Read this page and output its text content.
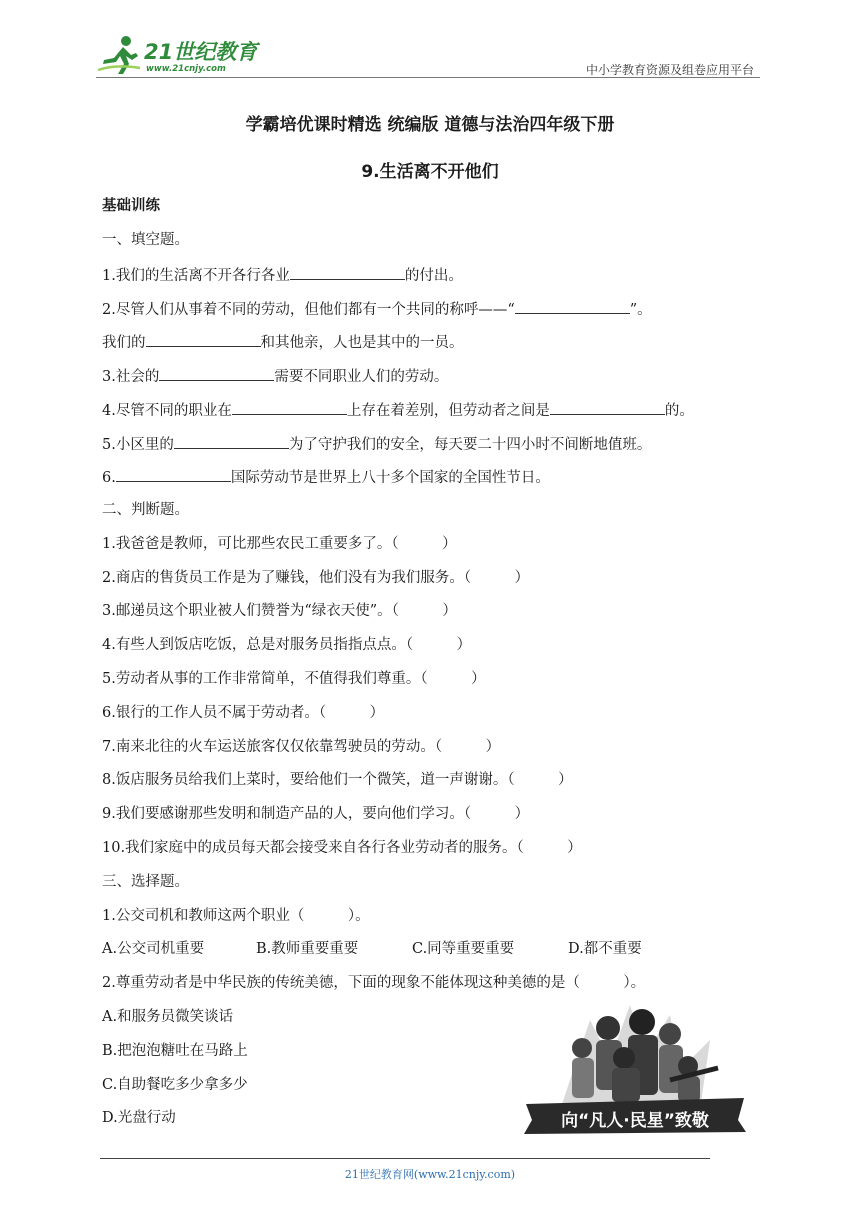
21世纪教育
www.21cnjy.com	中小学教育资源及组卷应用平台
学霸培优课时精选 统编版 道德与法治四年级下册
9.生活离不开他们
基础训练
一、填空题。
1.我们的生活离不开各行各业	的付出。
2.尽管人们从事着不同的劳动，但他们都有一个共同的称呼——“	”。
我们的	和其他亲，人也是其中的一员。
3.社会的	需要不同职业人们的劳动。
4.尽管不同的职业在	上存在着差别，但劳动者之间是	的。
5.小区里的	为了守护我们的安全，每天要二十四小时不间断地值班。
6.	国际劳动节是世界上八十多个国家的全国性节日。
二、判断题。
1.我爸爸是教师，可比那些农民工重要多了。（　　　）
2.商店的售货员工作是为了赚钱，他们没有为我们服务。（　　　）
3.邮递员这个职业被人们赞誉为“绿衣天使”。（　　　）
4.有些人到饭店吃饭，总是对服务员指指点点。（　　　）
5.劳动者从事的工作非常简单，不值得我们尊重。（　　　）
6.银行的工作人员不属于劳动者。（　　　）
7.南来北往的火车运送旅客仅仅依靠驾驶员的劳动。（　　　）
8.饭店服务员给我们上菜时，要给他们一个微笑，道一声谢谢。（　　　）
9.我们要感谢那些发明和制造产品的人，要向他们学习。（　　　）
10.我们家庭中的成员每天都会接受来自各行各业劳动者的服务。（　　　）
三、选择题。
1.公交司机和教师这两个职业（　　　）。
A.公交司机重要	B.教师重要重要	C.同等重要重要	D.都不重要
2.尊重劳动者是中华民族的传统美德，下面的现象不能体现这种美德的是（　　　）。
A.和服务员微笑谈话
B.把泡泡糖吐在马路上
C.自助餐吃多少拿多少
D.光盘行动	向“凡人·民星”致敬
21世纪教育网(www.21cnjy.com)
